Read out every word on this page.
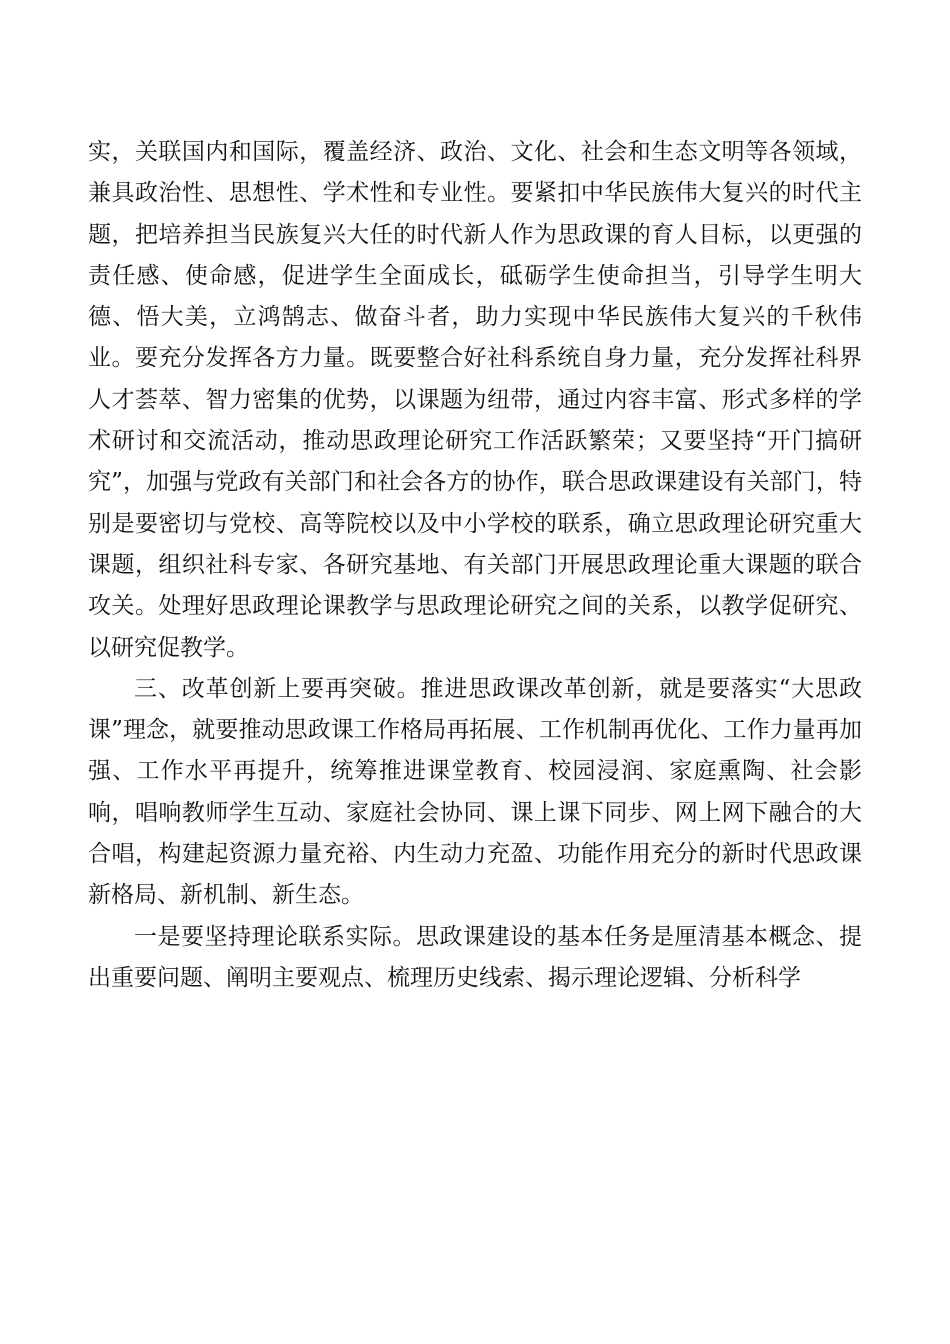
实，关联国内和国际，覆盖经济、政治、文化、社会和生态文明等各领域，兼具政治性、思想性、学术性和专业性。要紧扣中华民族伟大复兴的时代主题，把培养担当民族复兴大任的时代新人作为思政课的育人目标，以更强的责任感、使命感，促进学生全面成长，砥砺学生使命担当，引导学生明大德、悟大美，立鸿鹄志、做奋斗者，助力实现中华民族伟大复兴的千秋伟业。要充分发挥各方力量。既要整合好社科系统自身力量，充分发挥社科界人才荟萃、智力密集的优势，以课题为纽带，通过内容丰富、形式多样的学术研讨和交流活动，推动思政理论研究工作活跃繁荣；又要坚持“开门搞研究”，加强与党政有关部门和社会各方的协作，联合思政课建设有关部门，特别是要密切与党校、高等院校以及中小学校的联系，确立思政理论研究重大课题，组织社科专家、各研究基地、有关部门开展思政理论重大课题的联合攻关。处理好思政理论课教学与思政理论研究之间的关系，以教学促研究、以研究促教学。

三、改革创新上要再突破。推进思政课改革创新，就是要落实“大思政课”理念，就要推动思政课工作格局再拓展、工作机制再优化、工作力量再加强、工作水平再提升，统筹推进课堂教育、校园浸润、家庭熏陶、社会影响，唱响教师学生互动、家庭社会协同、课上课下同步、网上网下融合的大合唱，构建起资源力量充裕、内生动力充盈、功能作用充分的新时代思政课新格局、新机制、新生态。

一是要坚持理论联系实际。思政课建设的基本任务是厘清基本概念、提出重要问题、阐明主要观点、梳理历史线索、揭示理论逻辑、分析科学
